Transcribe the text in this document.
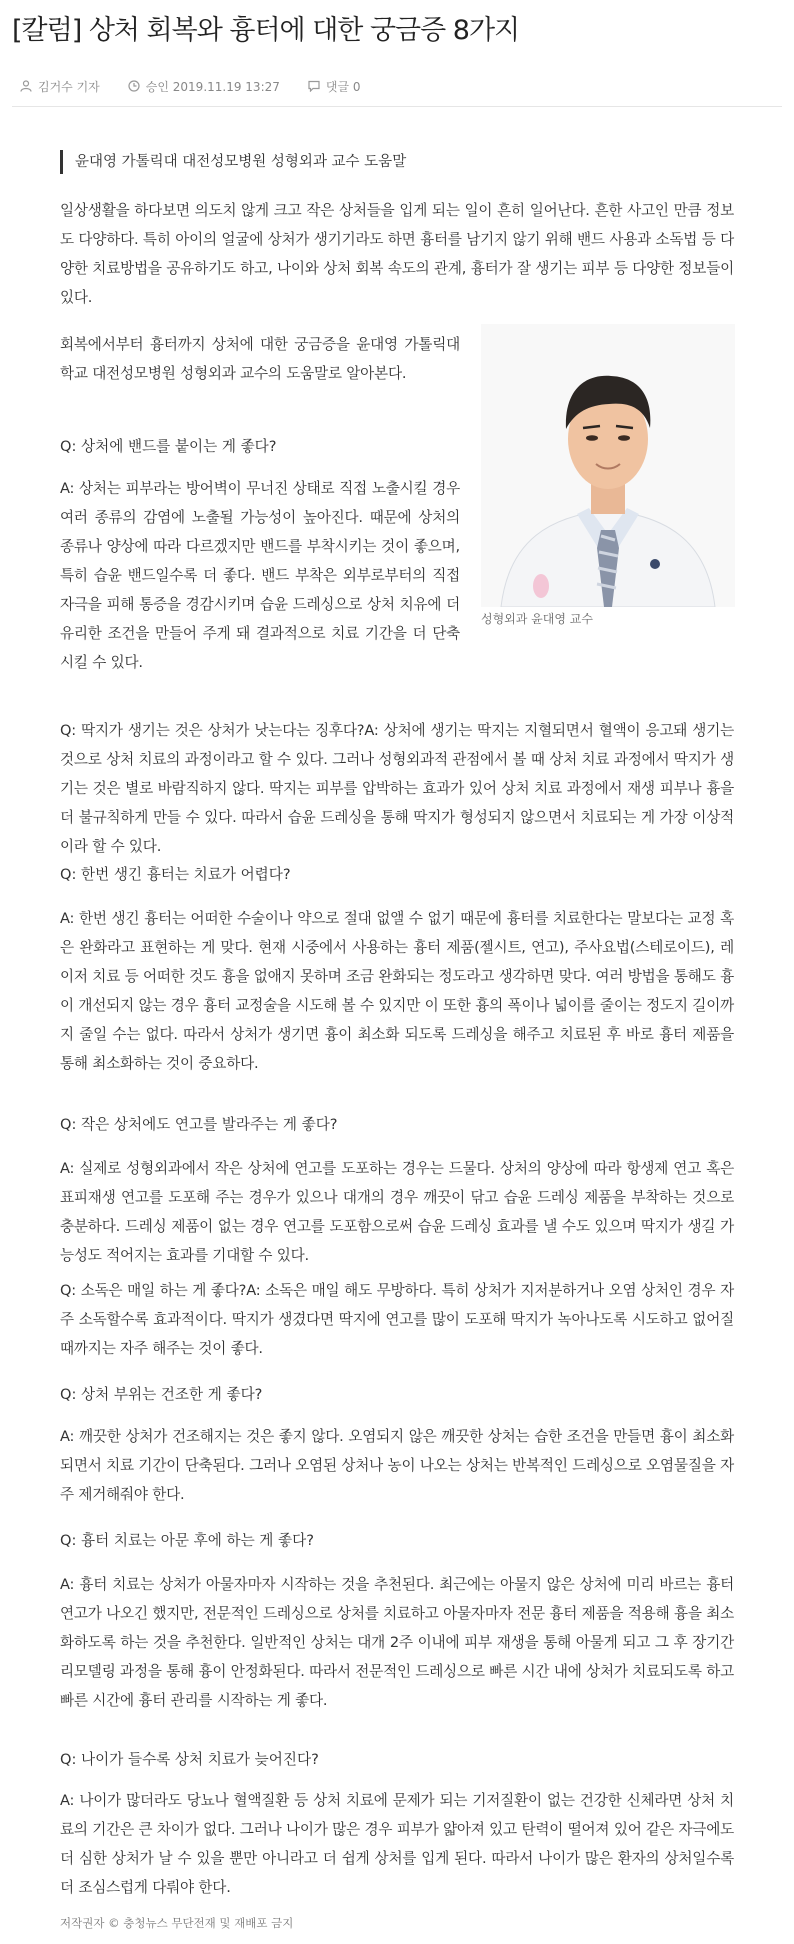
[칼럼] 상처 회복와 흉터에 대한 궁금증 8가지
김거수 기자	승인 2019.11.19 13:27	댓글 0
윤대영 가톨릭대 대전성모병원 성형외과 교수 도움말

일상생활을 하다보면 의도치 않게 크고 작은 상처들을 입게 되는 일이 흔히 일어난다. 흔한 사고인 만큼 정보도 다양하다. 특히 아이의 얼굴에 상처가 생기기라도 하면 흉터를 남기지 않기 위해 밴드 사용과 소독법 등 다양한 치료방법을 공유하기도 하고, 나이와 상처 회복 속도의 관계, 흉터가 잘 생기는 피부 등 다양한 정보들이 있다.

회복에서부터 흉터까지 상처에 대한 궁금증을 윤대영 가톨릭대학교 대전성모병원 성형외과 교수의 도움말로 알아본다.

Q: 상처에 밴드를 붙이는 게 좋다?

A: 상처는 피부라는 방어벽이 무너진 상태로 직접 노출시킬 경우 여러 종류의 감염에 노출될 가능성이 높아진다. 때문에 상처의 종류나 양상에 따라 다르겠지만 밴드를 부착시키는 것이 좋으며, 특히 습윤 밴드일수록 더 좋다. 밴드 부착은 외부로부터의 직접 자극을 피해 통증을 경감시키며 습윤 드레싱으로 상처 치유에 더 유리한 조건을 만들어 주게 돼 결과적으로 치료 기간을 더 단축시킬 수 있다.

성형외과 윤대영 교수

Q: 딱지가 생기는 것은 상처가 낫는다는 징후다?A: 상처에 생기는 딱지는 지혈되면서 혈액이 응고돼 생기는 것으로 상처 치료의 과정이라고 할 수 있다. 그러나 성형외과적 관점에서 볼 때 상처 치료 과정에서 딱지가 생기는 것은 별로 바람직하지 않다. 딱지는 피부를 압박하는 효과가 있어 상처 치료 과정에서 재생 피부나 흉을 더 불규칙하게 만들 수 있다. 따라서 습윤 드레싱을 통해 딱지가 형성되지 않으면서 치료되는 게 가장 이상적이라 할 수 있다.

Q: 한번 생긴 흉터는 치료가 어렵다?

A: 한번 생긴 흉터는 어떠한 수술이나 약으로 절대 없앨 수 없기 때문에 흉터를 치료한다는 말보다는 교정 혹은 완화라고 표현하는 게 맞다. 현재 시중에서 사용하는 흉터 제품(젤시트, 연고), 주사요법(스테로이드), 레이저 치료 등 어떠한 것도 흉을 없애지 못하며 조금 완화되는 정도라고 생각하면 맞다. 여러 방법을 통해도 흉이 개선되지 않는 경우 흉터 교정술을 시도해 볼 수 있지만 이 또한 흉의 폭이나 넓이를 줄이는 정도지 길이까지 줄일 수는 없다. 따라서 상처가 생기면 흉이 최소화 되도록 드레싱을 해주고 치료된 후 바로 흉터 제품을 통해 최소화하는 것이 중요하다.

Q: 작은 상처에도 연고를 발라주는 게 좋다?

A: 실제로 성형외과에서 작은 상처에 연고를 도포하는 경우는 드물다. 상처의 양상에 따라 항생제 연고 혹은 표피재생 연고를 도포해 주는 경우가 있으나 대개의 경우 깨끗이 닦고 습윤 드레싱 제품을 부착하는 것으로 충분하다. 드레싱 제품이 없는 경우 연고를 도포함으로써 습윤 드레싱 효과를 낼 수도 있으며 딱지가 생길 가능성도 적어지는 효과를 기대할 수 있다.

Q: 소독은 매일 하는 게 좋다?A: 소독은 매일 해도 무방하다. 특히 상처가 지저분하거나 오염 상처인 경우 자주 소독할수록 효과적이다. 딱지가 생겼다면 딱지에 연고를 많이 도포해 딱지가 녹아나도록 시도하고 없어질 때까지는 자주 해주는 것이 좋다.

Q: 상처 부위는 건조한 게 좋다?

A: 깨끗한 상처가 건조해지는 것은 좋지 않다. 오염되지 않은 깨끗한 상처는 습한 조건을 만들면 흉이 최소화되면서 치료 기간이 단축된다. 그러나 오염된 상처나 농이 나오는 상처는 반복적인 드레싱으로 오염물질을 자주 제거해줘야 한다.

Q: 흉터 치료는 아문 후에 하는 게 좋다?

A: 흉터 치료는 상처가 아물자마자 시작하는 것을 추천된다. 최근에는 아물지 않은 상처에 미리 바르는 흉터 연고가 나오긴 했지만, 전문적인 드레싱으로 상처를 치료하고 아물자마자 전문 흉터 제품을 적용해 흉을 최소화하도록 하는 것을 추천한다. 일반적인 상처는 대개 2주 이내에 피부 재생을 통해 아물게 되고 그 후 장기간 리모델링 과정을 통해 흉이 안정화된다. 따라서 전문적인 드레싱으로 빠른 시간 내에 상처가 치료되도록 하고 빠른 시간에 흉터 관리를 시작하는 게 좋다.

Q: 나이가 들수록 상처 치료가 늦어진다?

A: 나이가 많더라도 당뇨나 혈액질환 등 상처 치료에 문제가 되는 기저질환이 없는 건강한 신체라면 상처 치료의 기간은 큰 차이가 없다. 그러나 나이가 많은 경우 피부가 얇아져 있고 탄력이 떨어져 있어 같은 자극에도 더 심한 상처가 날 수 있을 뿐만 아니라고 더 쉽게 상처를 입게 된다. 따라서 나이가 많은 환자의 상처일수록 더 조심스럽게 다뤄야 한다.

저작권자 © 충청뉴스 무단전재 및 재배포 금지
